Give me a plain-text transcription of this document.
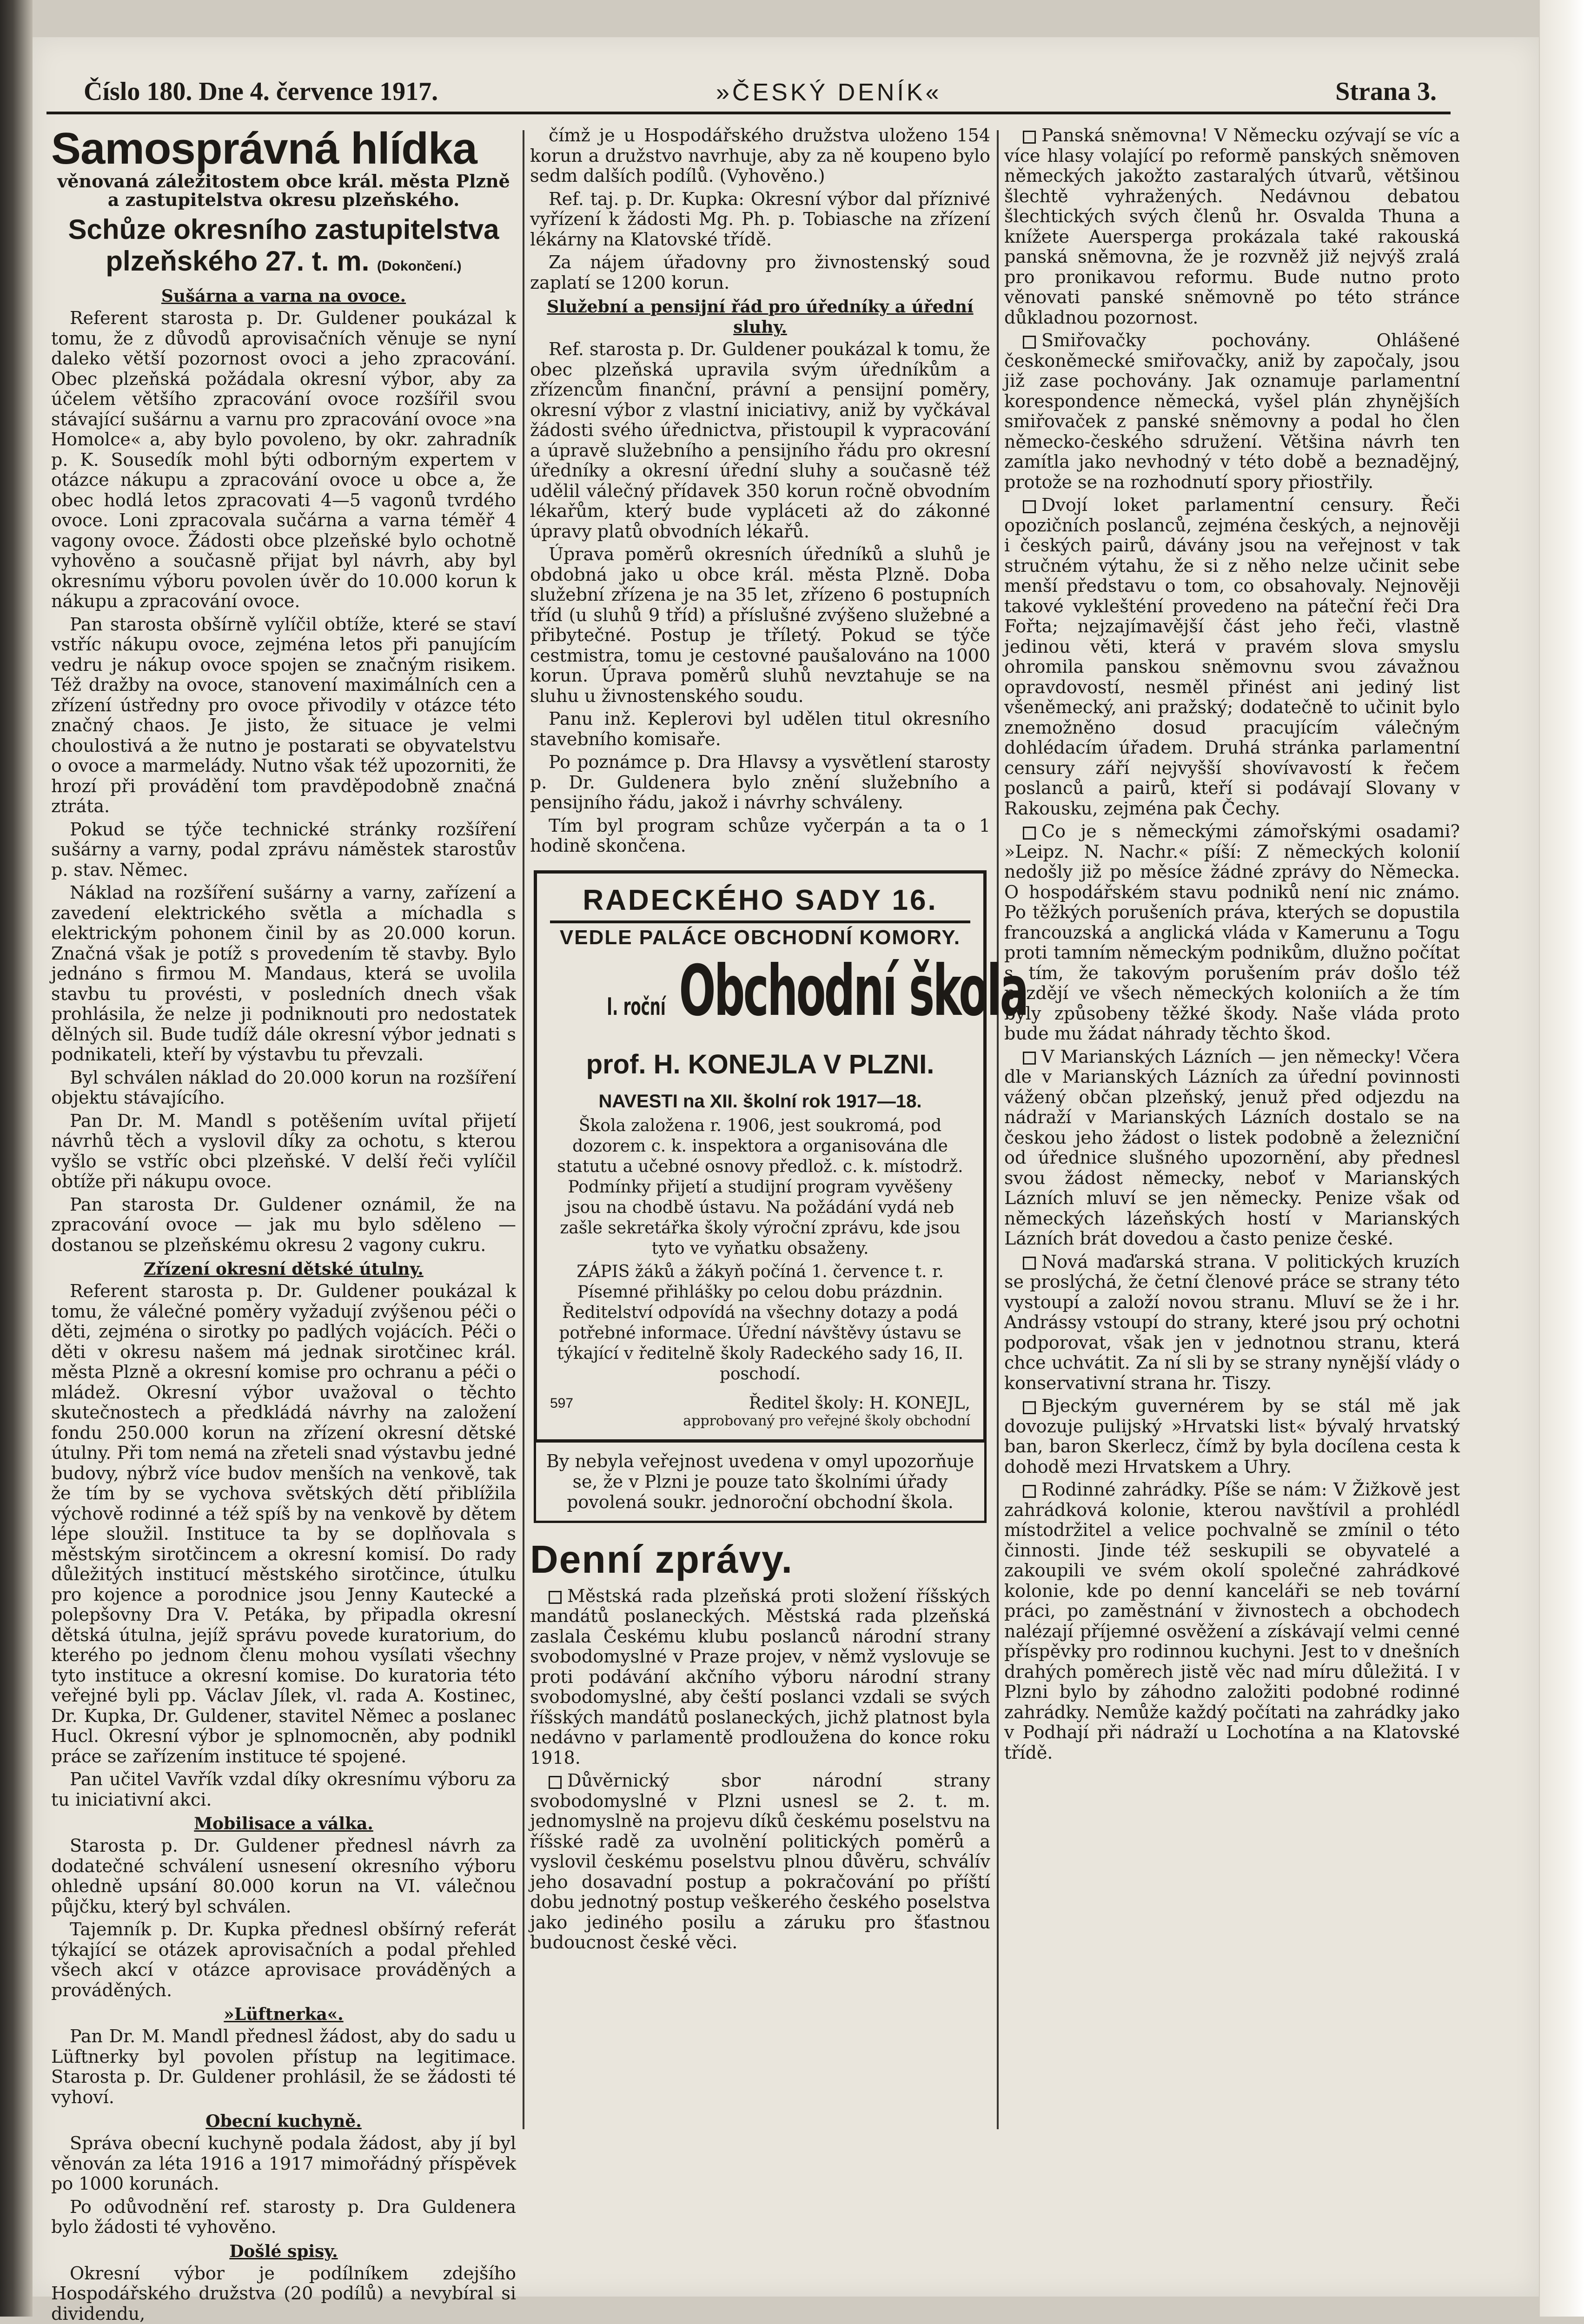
Číslo 180. Dne 4. července 1917.	»ČESKÝ DENÍK«	Strana 3.
Samosprávná hlídka
věnovaná záležitostem obce král. města Plzně a zastupitelstva okresu plzeňského.
Schůze okresního zastupitelstva plzeňského 27. t. m. (Dokončení.)
Sušárna a varna na ovoce.

Referent starosta p. Dr. Guldener poukázal k tomu, že z důvodů aprovisačních věnuje se nyní daleko větší pozornost ovoci a jeho zpracování. Obec plzeňská požádala okresní výbor, aby za účelem většího zpracování ovoce rozšířil svou stávající sušárnu a varnu pro zpracování ovoce »na Homolce« a, aby bylo povoleno, by okr. zahradník p. K. Sousedík mohl býti odborným expertem v otázce nákupu a zpracování ovoce u obce a, že obec hodlá letos zpracovati 4—5 vagonů tvrdého ovoce. Loni zpracovala sučárna a varna téměř 4 vagony ovoce. Žádosti obce plzeňské bylo ochotně vyhověno a současně přijat byl návrh, aby byl okresnímu výboru povolen úvěr do 10.000 korun k nákupu a zpracování ovoce.

Pan starosta obšírně vylíčil obtíže, které se staví vstříc nákupu ovoce, zejména letos při panujícím vedru je nákup ovoce spojen se značným risikem. Též dražby na ovoce, stanovení maximálních cen a zřízení ústředny pro ovoce přivodily v otázce této značný chaos. Je jisto, že situace je velmi choulostivá a že nutno je postarati se obyvatelstvu o ovoce a marmelády. Nutno však též upozorniti, že hrozí při provádění tom pravděpodobně značná ztráta.

Pokud se týče technické stránky rozšíření sušárny a varny, podal zprávu náměstek starostův p. stav. Němec.

Náklad na rozšíření sušárny a varny, zařízení a zavedení elektrického světla a míchadla s elektrickým pohonem činil by as 20.000 korun. Značná však je potíž s provedením tě stavby. Bylo jednáno s firmou M. Mandaus, která se uvolila stavbu tu provésti, v posledních dnech však prohlásila, že nelze ji podniknouti pro nedostatek dělných sil. Bude tudíž dále okresní výbor jednati s podnikateli, kteří by výstavbu tu převzali.

Byl schválen náklad do 20.000 korun na rozšíření objektu stávajícího.

Pan Dr. M. Mandl s potěšením uvítal přijetí návrhů těch a vyslovil díky za ochotu, s kterou vyšlo se vstříc obci plzeňské. V delší řeči vylíčil obtíže při nákupu ovoce.

Pan starosta Dr. Guldener oznámil, že na zpracování ovoce — jak mu bylo sděleno — dostanou se plzeňskému okresu 2 vagony cukru.

Zřízení okresní dětské útulny.

Referent starosta p. Dr. Guldener poukázal k tomu, že válečné poměry vyžadují zvýšenou péči o děti, zejména o sirotky po padlých vojácích. Péči o děti v okresu našem má jednak sirotčinec král. města Plzně a okresní komise pro ochranu a péči o mládež. Okresní výbor uvažoval o těchto skutečnostech a předkládá návrhy na založení fondu 250.000 korun na zřízení okresní dětské útulny. Při tom nemá na zřeteli snad výstavbu jedné budovy, nýbrž více budov menších na venkově, tak že tím by se vychova světských dětí přiblížila výchově rodinné a též spíš by na venkově by dětem lépe sloužil. Instituce ta by se doplňovala s městským sirotčincem a okresní komisí. Do rady důležitých institucí městského sirotčince, útulku pro kojence a porodnice jsou Jenny Kautecké a polepšovny Dra V. Petáka, by připadla okresní dětská útulna, jejíž správu povede kuratorium, do kterého po jednom členu mohou vysílati všechny tyto instituce a okresní komise. Do kuratoria této veřejné byli pp. Václav Jílek, vl. rada A. Kostinec, Dr. Kupka, Dr. Guldener, stavitel Němec a poslanec Hucl. Okresní výbor je splnomocněn, aby podnikl práce se zařízením instituce té spojené.

Pan učitel Vavřík vzdal díky okresnímu výboru za tu iniciativní akci.

Mobilisace a válka.

Starosta p. Dr. Guldener přednesl návrh za dodatečné schválení usnesení okresního výboru ohledně upsání 80.000 korun na VI. válečnou půjčku, který byl schválen.

Tajemník p. Dr. Kupka přednesl obšírný referát týkající se otázek aprovisačních a podal přehled všech akcí v otázce aprovisace prováděných a prováděných.

»Lüftnerka«.

Pan Dr. M. Mandl přednesl žádost, aby do sadu u Lüftnerky byl povolen přístup na legitimace. Starosta p. Dr. Guldener prohlásil, že se žádosti té vyhoví.

Obecní kuchyně.

Správa obecní kuchyně podala žádost, aby jí byl věnován za léta 1916 a 1917 mimořádný příspěvek po 1000 korunách.

Po odůvodnění ref. starosty p. Dra Guldenera bylo žádosti té vyhověno.

Došlé spisy.

Okresní výbor je podílníkem zdejšího Hospodářského družstva (20 podílů) a nevybíral si dividendu,

čímž je u Hospodářského družstva uloženo 154 korun a družstvo navrhuje, aby za ně koupeno bylo sedm dalších podílů. (Vyhověno.)

Ref. taj. p. Dr. Kupka: Okresní výbor dal příznivé vyřízení k žádosti Mg. Ph. p. Tobiasche na zřízení lékárny na Klatovské třídě.

Za nájem úřadovny pro živnostenský soud zaplatí se 1200 korun.

Služební a pensijní řád pro úředníky a úřední sluhy.

Ref. starosta p. Dr. Guldener poukázal k tomu, že obec plzeňská upravila svým úředníkům a zřízencům finanční, právní a pensijní poměry, okresní výbor z vlastní iniciativy, aniž by vyčkával žádosti svého úřednictva, přistoupil k vypracování a úpravě služebního a pensijního řádu pro okresní úředníky a okresní úřední sluhy a současně též udělil válečný přídavek 350 korun ročně obvodním lékařům, který bude vypláceti až do zákonné úpravy platů obvodních lékařů.

Úprava poměrů okresních úředníků a sluhů je obdobná jako u obce král. města Plzně. Doba služební zřízena je na 35 let, zřízeno 6 postupních tříd (u sluhů 9 tříd) a příslušné zvýšeno služebné a přibytečné. Postup je tříletý. Pokud se týče cestmistra, tomu je cestovné paušalováno na 1000 korun. Úprava poměrů sluhů nevztahuje se na sluhu u živnostenského soudu.

Panu inž. Keplerovi byl udělen titul okresního stavebního komisaře.

Po poznámce p. Dra Hlavsy a vysvětlení starosty p. Dr. Guldenera bylo znění služebního a pensijního řádu, jakož i návrhy schváleny.

Tím byl program schůze vyčerpán a ta o 1 hodině skončena.

RADECKÉHO SADY 16.
VEDLE PALÁCE OBCHODNÍ KOMORY.
I. roční Obchodní škola
prof. H. KONEJLA V PLZNI.
NAVESTI na XII. školní rok 1917—18.
Škola založena r. 1906, jest soukromá, pod dozorem c. k. inspektora a organisována dle statutu a učebné osnovy předlož. c. k. místodrž. Podmínky přijetí a studijní program vyvěšeny jsou na chodbě ústavu. Na požádání vydá neb zašle sekretářka školy výroční zprávu, kde jsou tyto ve vyňatku obsaženy.
ZÁPIS žáků a žákyň počíná 1. července t. r. Písemné přihlášky po celou dobu prázdnin. Ředitelství odpovídá na všechny dotazy a podá potřebné informace. Úřední návštěvy ústavu se týkající v ředitelně školy Radeckého sady 16, II. poschodí.
Ředitel školy: H. KONEJL,
approbovaný pro veřejné školy obchodní
597
By nebyla veřejnost uvedena v omyl upozorňuje se, že v Plzni je pouze tato školními úřady povolená soukr. jednoroční obchodní škola.
Denní zprávy.

Městská rada plzeňská proti složení říšských mandátů poslaneckých. Městská rada plzeňská zaslala Českému klubu poslanců národní strany svobodomyslné v Praze projev, v němž vyslovuje se proti podávání akčního výboru národní strany svobodomyslné, aby čeští poslanci vzdali se svých říšských mandátů poslaneckých, jichž platnost byla nedávno v parlamentě prodloužena do konce roku 1918.

Důvěrnický sbor národní strany svobodomyslné v Plzni usnesl se 2. t. m. jednomyslně na projevu díků českému poselstvu na říšské radě za uvolnění politických poměrů a vyslovil českému poselstvu plnou důvěru, schválív jeho dosavadní postup a pokračování po příští dobu jednotný postup veškerého českého poselstva jako jediného posilu a záruku pro šťastnou budoucnost české věci.

Panská sněmovna! V Německu ozývají se víc a více hlasy volající po reformě panských sněmoven německých jakožto zastaralých útvarů, většinou šlechtě vyhražených. Nedávnou debatou šlechtických svých členů hr. Osvalda Thuna a knížete Auersperga prokázala také rakouská panská sněmovna, že je rozvněž již nejvýš zralá pro pronikavou reformu. Bude nutno proto věnovati panské sněmovně po této stránce důkladnou pozornost.

Smiřovačky pochovány. Ohlášené českoněmecké smiřovačky, aniž by započaly, jsou již zase pochovány. Jak oznamuje parlamentní korespondence německá, vyšel plán zhynějších smiřovaček z panské sněmovny a podal ho člen německo-českého sdružení. Většina návrh ten zamítla jako nevhodný v této době a beznadějný, protože se na rozhodnutí spory přiostřily.

Dvojí loket parlamentní censury. Řeči opozičních poslanců, zejména českých, a nejnověji i českých pairů, dávány jsou na veřejnost v tak stručném výtahu, že si z něho nelze učinit sebe menší představu o tom, co obsahovaly. Nejnověji takové vyklešténí provedeno na páteční řeči Dra Fořta; nejzajímavější část jeho řeči, vlastně jedinou věti, která v pravém slova smyslu ohromila panskou sněmovnu svou závažnou opravdovostí, nesměl přinést ani jediný list všeněmecký, ani pražský; dodatečně to učinit bylo znemožněno dosud pracujícím válečným dohlédacím úřadem. Druhá stránka parlamentní censury září nejvyšší shovívavostí k řečem poslanců a pairů, kteří si podávají Slovany v Rakousku, zejména pak Čechy.

Co je s německými zámořskými osadami? »Leipz. N. Nachr.« píší: Z německých kolonií nedošly již po měsíce žádné zprávy do Německa. O hospodářském stavu podniků není nic známo. Po těžkých porušeních práva, kterých se dopustila francouzská a anglická vláda v Kamerunu a Togu proti tamním německým podnikům, dlužno počítat s tím, že takovým porušením práv došlo též pozdějí ve všech německých koloniích a že tím byly způsobeny těžké škody. Naše vláda proto bude mu žádat náhrady těchto škod.

V Marianských Lázních — jen německy! Včera dle v Marianských Lázních za úřední povinnosti vážený občan plzeňský, jenuž před odjezdu na nádraží v Marianských Lázních dostalo se na českou jeho žádost o listek podobně a železniční od úřednice slušného upozornění, aby přednesl svou žádost německy, neboť v Marianských Lázních mluví se jen německy. Penize však od německých lázeňských hostí v Marianských Lázních brát dovedou a často penize české.

Nová maďarská strana. V politických kruzích se proslýchá, že četní členové práce se strany této vystoupí a založí novou stranu. Mluví se že i hr. Andrássy vstoupí do strany, které jsou prý ochotni podporovat, však jen v jednotnou stranu, která chce uchvátit. Za ní sli by se strany nynější vlády o konservativní strana hr. Tiszy.

Bjeckým guvernérem by se stál mě jak dovozuje pulijský »Hrvatski list« bývalý hrvatský ban, baron Skerlecz, čímž by byla docílena cesta k dohodě mezi Hrvatskem a Uhry.

Rodinné zahrádky. Píše se nám: V Žižkově jest zahrádková kolonie, kterou navštívil a prohlédl místodržitel a velice pochvalně se zmínil o této činnosti. Jinde též seskupili se obyvatelé a zakoupili ve svém okolí společné zahrádkové kolonie, kde po denní kanceláři se neb tovární práci, po zaměstnání v živnostech a obchodech nalézají příjemné osvěžení a získávají velmi cenné příspěvky pro rodinnou kuchyni. Jest to v dnešních drahých poměrech jistě věc nad míru důležitá. I v Plzni bylo by záhodno založiti podobné rodinné zahrádky. Nemůže každý počítati na zahrádky jako v Podhají při nádraží u Lochotína a na Klatovské třídě.
